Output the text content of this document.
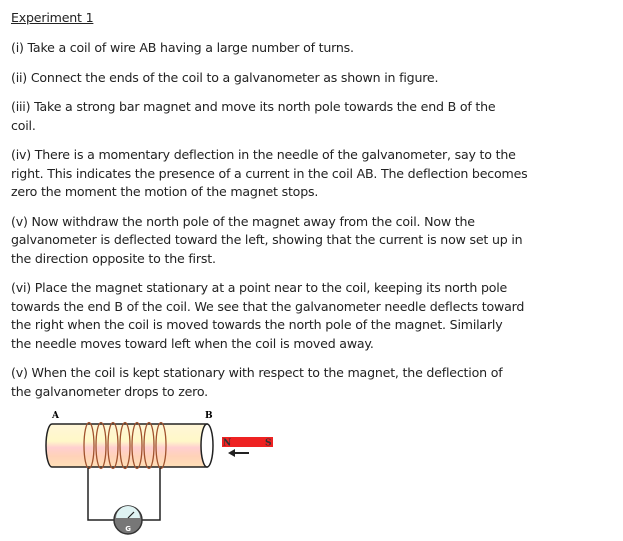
Experiment 1
(i) Take a coil of wire AB having a large number of turns.
(ii) Connect the ends of the coil to a galvanometer as shown in figure.
(iii) Take a strong bar magnet and move its north pole towards the end B of the
coil.
(iv) There is a momentary deflection in the needle of the galvanometer, say to the
right. This indicates the presence of a current in the coil AB. The deflection becomes
zero the moment the motion of the magnet stops.
(v) Now withdraw the north pole of the magnet away from the coil. Now the
galvanometer is deflected toward the left, showing that the current is now set up in
the direction opposite to the first.
(vi) Place the magnet stationary at a point near to the coil, keeping its north pole
towards the end B of the coil. We see that the galvanometer needle deflects toward
the right when the coil is moved towards the north pole of the magnet. Similarly
the needle moves toward left when the coil is moved away.
(v) When the coil is kept stationary with respect to the magnet, the deflection of
the galvanometer drops to zero.
A	B
G
N	S
